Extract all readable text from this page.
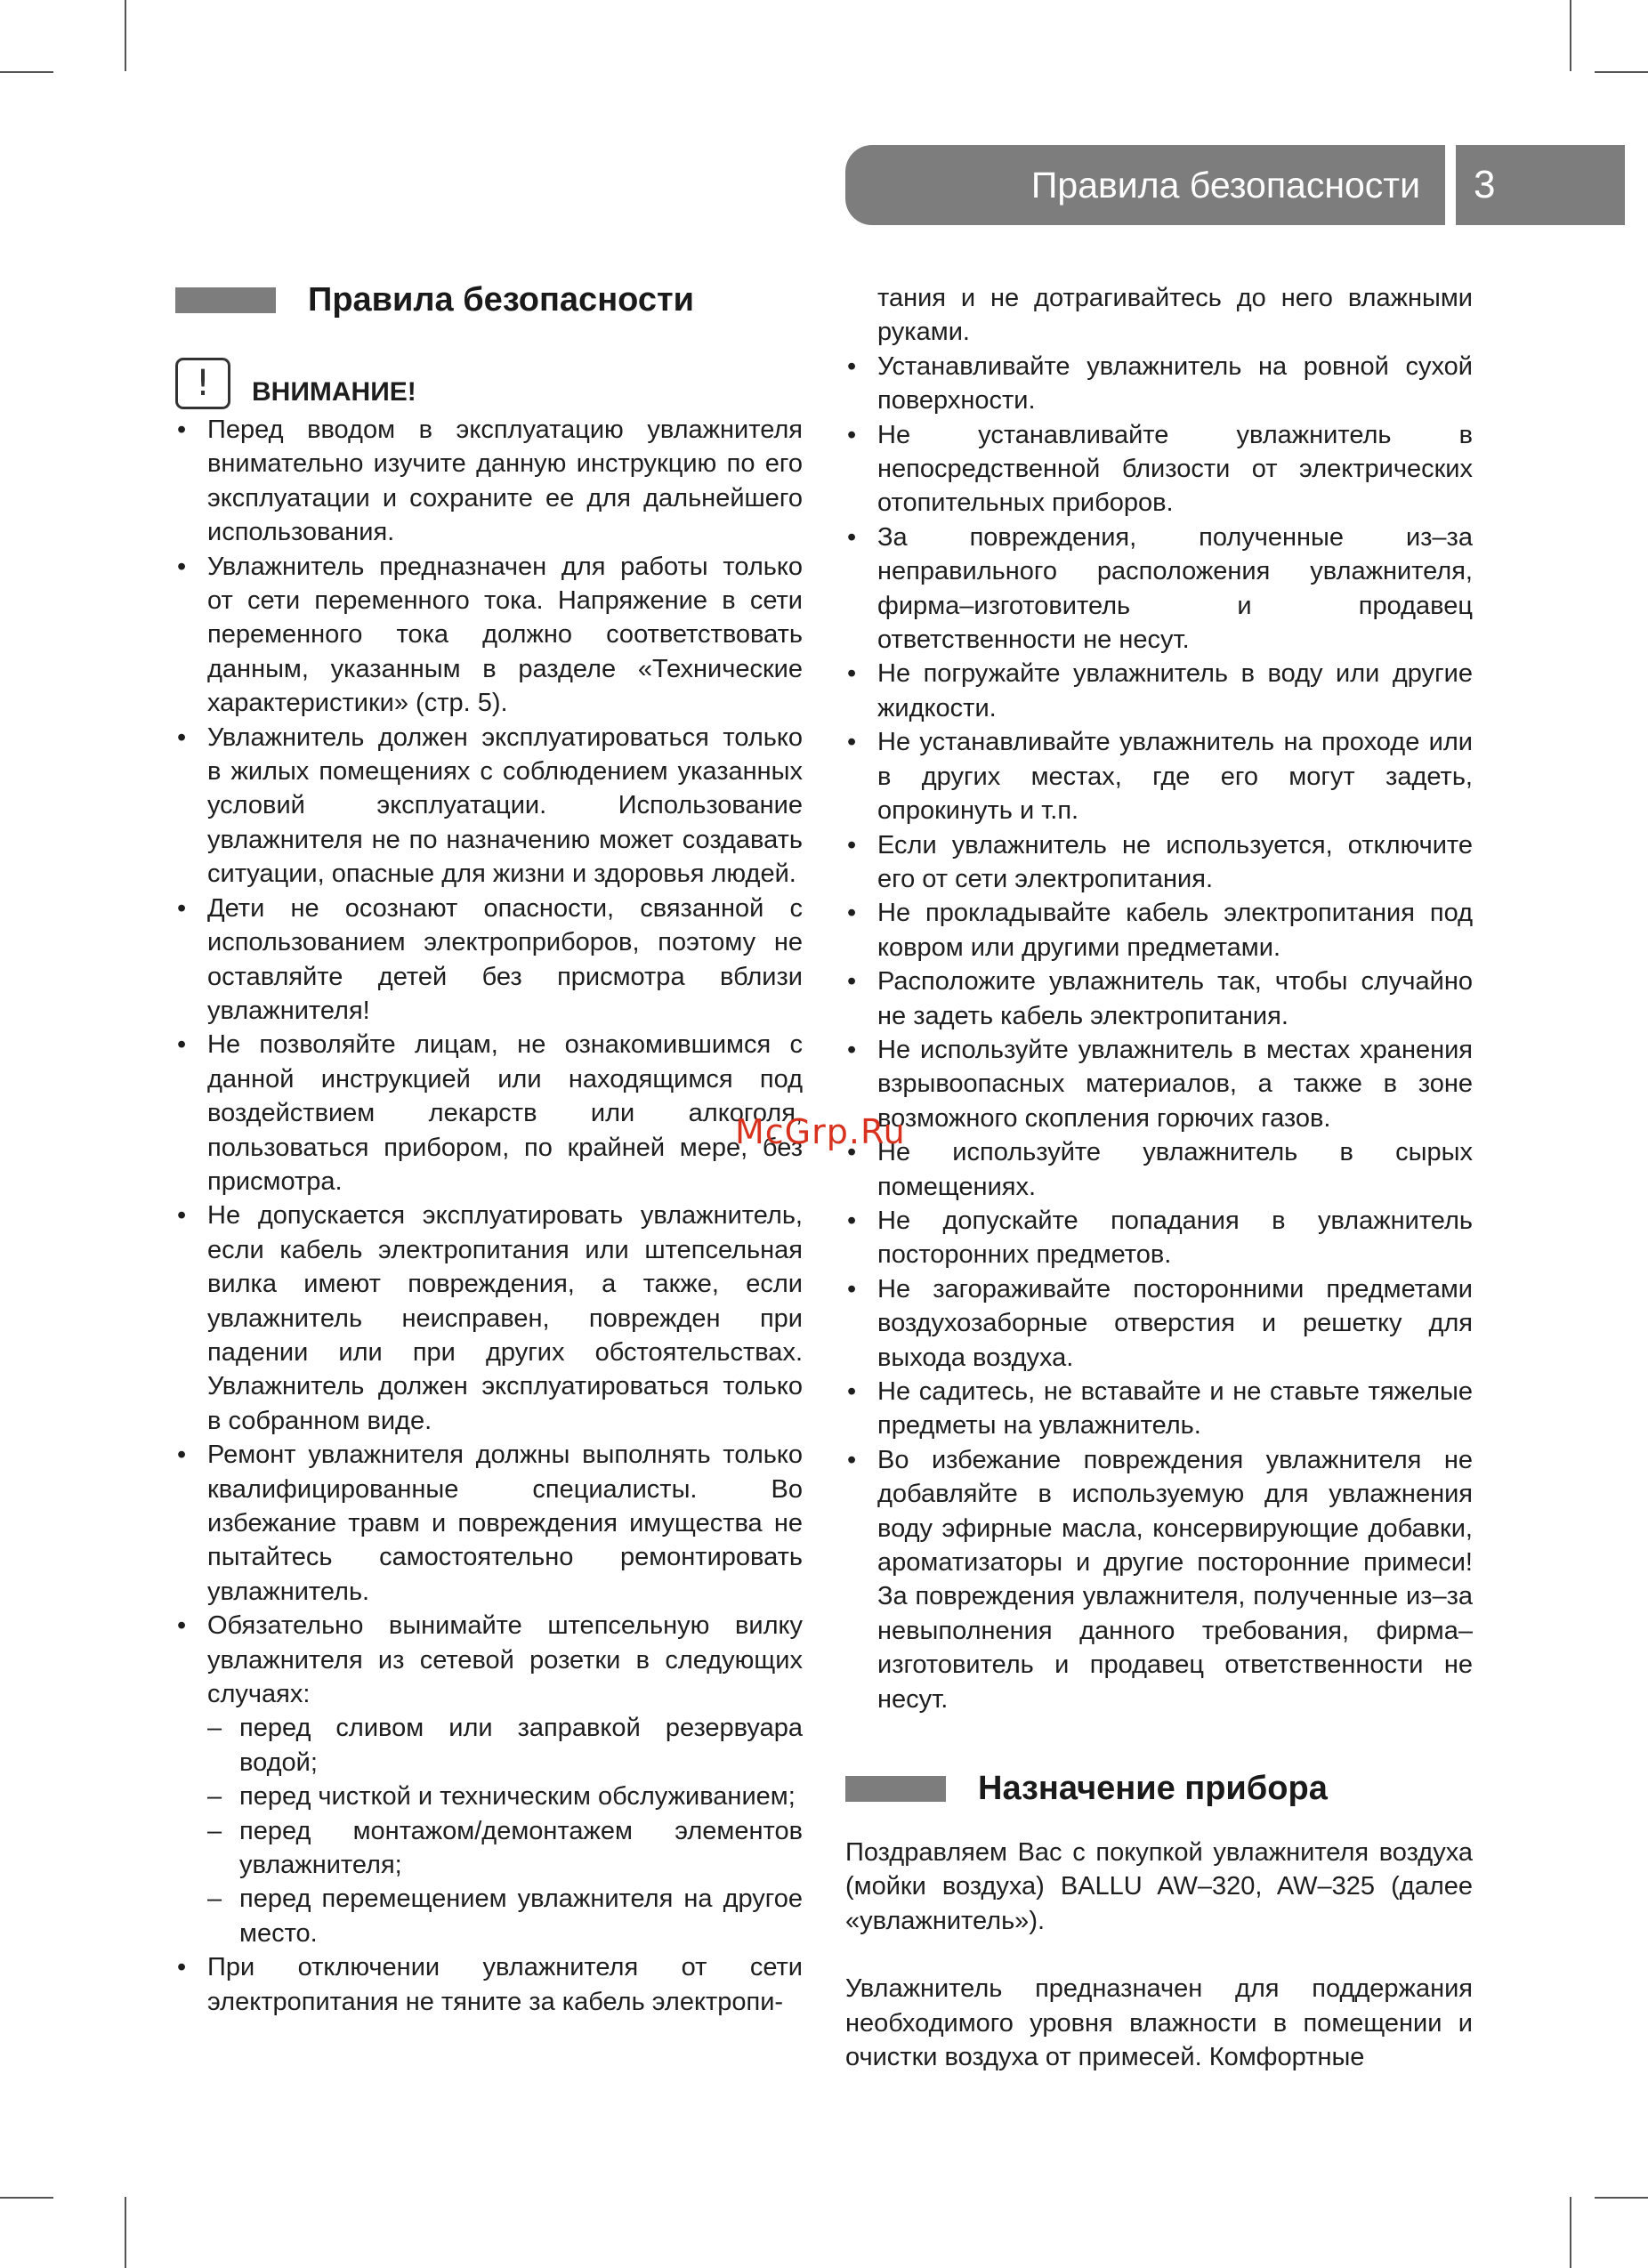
Правила безопасности	3
Правила безопасности
!	ВНИМАНИЕ!
• Перед вводом в эксплуатацию увлажнителя внимательно изучите данную инструкцию по его эксплуатации и сохраните ее для дальнейшего использования.
• Увлажнитель предназначен для работы только от сети переменного тока. Напряжение в сети переменного тока должно соответствовать данным, указанным в разделе «Технические характеристики» (стр. 5).
• Увлажнитель должен эксплуатироваться только в жилых помещениях с соблюдением указанных условий эксплуатации. Использование увлажнителя не по назначению может создавать ситуации, опасные для жизни и здоровья людей.
• Дети не осознают опасности, связанной с использованием электроприборов, поэтому не оставляйте детей без присмотра вблизи увлажнителя!
• Не позволяйте лицам, не ознакомившимся с данной инструкцией или находящимся под воздействием лекарств или алкоголя, пользоваться прибором, по крайней мере, без присмотра.
• Не допускается эксплуатировать увлажнитель, если кабель электропитания или штепсельная вилка имеют повреждения, а также, если увлажнитель неисправен, поврежден при падении или при других обстоятельствах. Увлажнитель должен эксплуатироваться только в собранном виде.
• Ремонт увлажнителя должны выполнять только квалифицированные специалисты. Во избежание травм и повреждения имущества не пытайтесь самостоятельно ремонтировать увлажнитель.
• Обязательно вынимайте штепсельную вилку увлажнителя из сетевой розетки в следующих случаях:
– перед сливом или заправкой резервуара водой;
– перед чисткой и техническим обслуживанием;
– перед монтажом/демонтажем элементов увлажнителя;
– перед перемещением увлажнителя на другое место.
• При отключении увлажнителя от сети электропитания не тяните за кабель электропи-
тания и не дотрагивайтесь до него влажными руками.
• Устанавливайте увлажнитель на ровной сухой поверхности.
• Не устанавливайте увлажнитель в непосредственной близости от электрических отопительных приборов.
• За повреждения, полученные из–за неправильного расположения увлажнителя, фирма–изготовитель и продавец ответственности не несут.
• Не погружайте увлажнитель в воду или другие жидкости.
• Не устанавливайте увлажнитель на проходе или в других местах, где его могут задеть, опрокинуть и т.п.
• Если увлажнитель не используется, отключите его от сети электропитания.
• Не прокладывайте кабель электропитания под ковром или другими предметами.
• Расположите увлажнитель так, чтобы случайно не задеть кабель электропитания.
• Не используйте увлажнитель в местах хранения взрывоопасных материалов, а также в зоне возможного скопления горючих газов.
• Не используйте увлажнитель в сырых помещениях.
• Не допускайте попадания в увлажнитель посторонних предметов.
• Не загораживайте посторонними предметами воздухозаборные отверстия и решетку для выхода воздуха.
• Не садитесь, не вставайте и не ставьте тяжелые предметы на увлажнитель.
• Во избежание повреждения увлажнителя не добавляйте в используемую для увлажнения воду эфирные масла, консервирующие добавки, ароматизаторы и другие посторонние примеси! За повреждения увлажнителя, полученные из–за невыполнения данного требования, фирма–изготовитель и продавец ответственности не несут.
Назначение прибора

Поздравляем Вас с покупкой увлажнителя воздуха (мойки воздуха) BALLU AW–320, AW–325 (далее «увлажнитель»).

Увлажнитель предназначен для поддержания необходимого уровня влажности в помещении и очистки воздуха от примесей. Комфортные

McGrp.Ru
